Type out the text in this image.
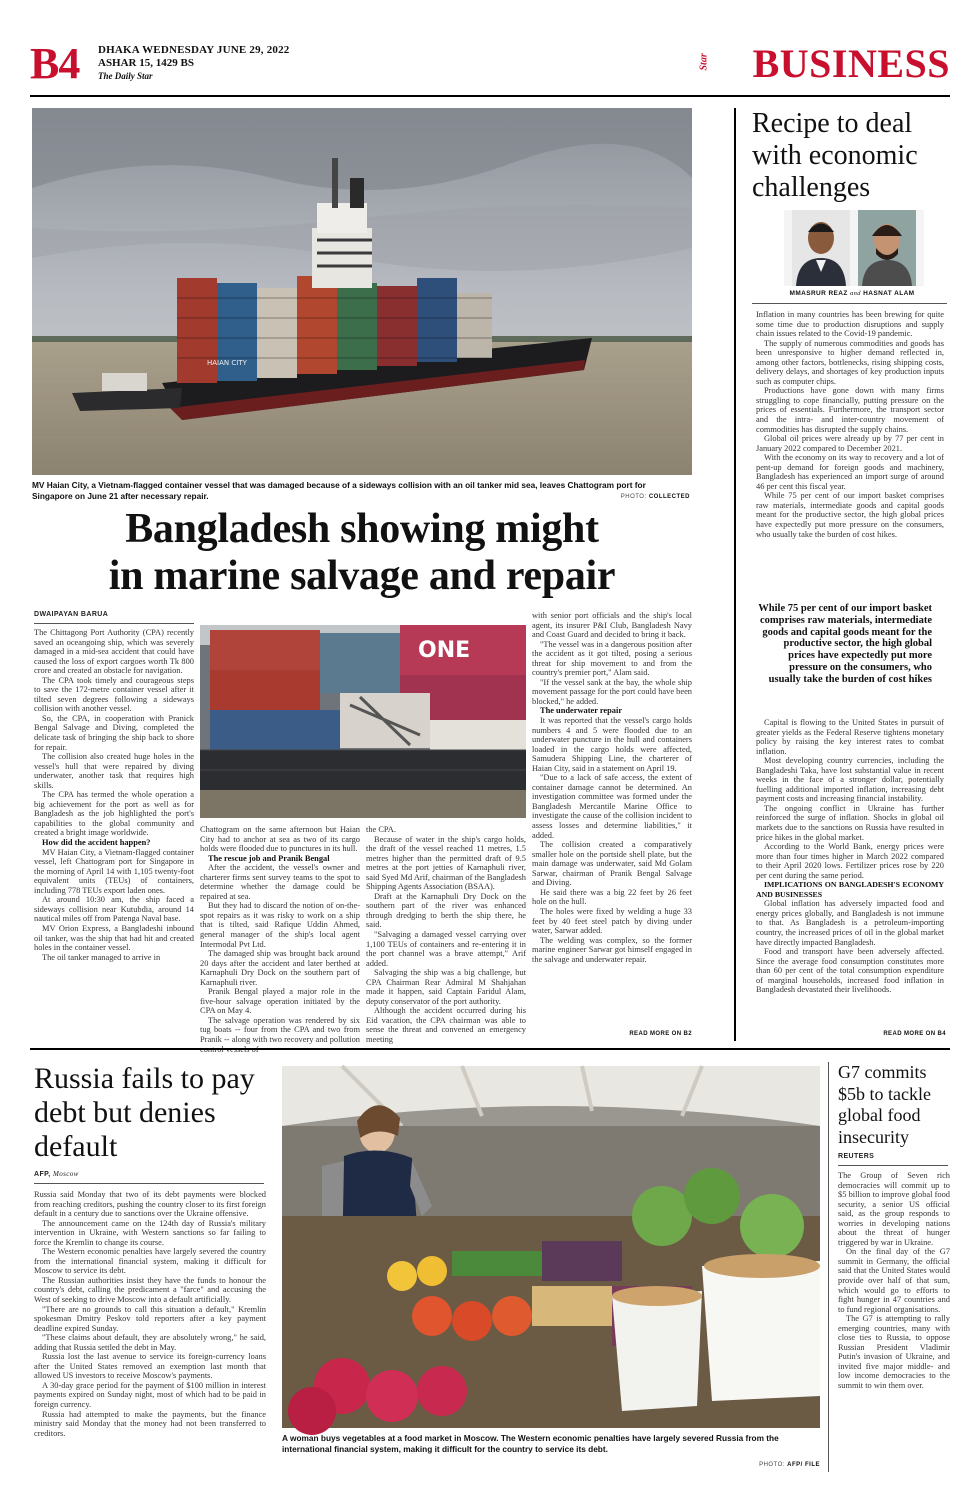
B4 DHAKA WEDNESDAY JUNE 29, 2022
ASHAR 15, 1429 BS
The Daily Star
Star BUSINESS
HAIAN CITY
MV Haian City, a Vietnam-flagged container vessel that was damaged because of a sideways collision with an oil tanker mid sea, leaves Chattogram port for Singapore on June 21 after necessary repair.	PHOTO: COLLECTED
Bangladesh showing might
in marine salvage and repair
DWAIPAYAN BARUA

The Chittagong Port Authority (CPA) recently saved an oceangoing ship, which was severely damaged in a mid-sea accident that could have caused the loss of export cargoes worth Tk 800 crore and created an obstacle for navigation.

The CPA took timely and courageous steps to save the 172-metre container vessel after it tilted seven degrees following a sideways collision with another vessel.

So, the CPA, in cooperation with Pranick Bengal Salvage and Diving, completed the delicate task of bringing the ship back to shore for repair.

The collision also created huge holes in the vessel's hull that were repaired by diving underwater, another task that requires high skills.

The CPA has termed the whole operation a big achievement for the port as well as for Bangladesh as the job highlighted the port's capabilities to the global community and created a bright image worldwide.

How did the accident happen?

MV Haian City, a Vietnam-flagged container vessel, left Chattogram port for Singapore in the morning of April 14 with 1,105 twenty-foot equivalent units (TEUs) of containers, including 778 TEUs export laden ones.

At around 10:30 am, the ship faced a sideways collision near Kutubdia, around 14 nautical miles off from Patenga Naval base.

MV Orion Express, a Bangladeshi inbound oil tanker, was the ship that had hit and created holes in the container vessel.

The oil tanker managed to arrive in

ONE

Chattogram on the same afternoon but Haian City had to anchor at sea as two of its cargo holds were flooded due to punctures in its hull.

The rescue job and Pranik Bengal

After the accident, the vessel's owner and charterer firms sent survey teams to the spot to determine whether the damage could be repaired at sea.

But they had to discard the notion of on-the-spot repairs as it was risky to work on a ship that is tilted, said Rafique Uddin Ahmed, general manager of the ship's local agent Intermodal Pvt Ltd.

The damaged ship was brought back around 20 days after the accident and later berthed at Karnaphuli Dry Dock on the southern part of Karnaphuli river.

Pranik Bengal played a major role in the five-hour salvage operation initiated by the CPA on May 4.

The salvage operation was rendered by six tug boats -- four from the CPA and two from Pranik -- along with two recovery and pollution

the CPA.

Because of water in the ship's cargo holds, the draft of the vessel reached 11 metres, 1.5 metres higher than the permitted draft of 9.5 metres at the port jetties of Karnaphuli river, said Syed Md Arif, chairman of the Bangladesh Shipping Agents Association (BSAA).

Draft at the Karnaphuli Dry Dock on the southern part of the river was enhanced through dredging to berth the ship there, he said.

"Salvaging a damaged vessel carrying over 1,100 TEUs of containers and re-entering it in the port channel was a brave attempt," Arif added.

Salvaging the ship was a big challenge, but CPA Chairman Rear Admiral M Shahjahan made it happen, said Captain Faridul Alam, deputy conservator of the port authority.

Although the accident occurred during his Eid vacation, the CPA chairman was able to sense the threat and convened an emergency meeting

with senior port officials and the ship's local agent, its insurer P&I Club, Bangladesh Navy and Coast Guard and decided to bring it back.

"The vessel was in a dangerous position after the accident as it got tilted, posing a serious threat for ship movement to and from the country's premier port," Alam said.

"If the vessel sank at the bay, the whole ship movement passage for the port could have been blocked," he added.

The underwater repair

It was reported that the vessel's cargo holds numbers 4 and 5 were flooded due to an underwater puncture in the hull and containers loaded in the cargo holds were affected, Samudera Shipping Line, the charterer of Haian City, said in a statement on April 19.

"Due to a lack of safe access, the extent of container damage cannot be determined. An investigation committee was formed under the Bangladesh Mercantile Marine Office to investigate the cause of the collision incident to assess losses and determine liabilities," it added.

The collision created a comparatively smaller hole on the portside shell plate, but the main damage was underwater, said Md Golam Sarwar, chairman of Pranik Bengal Salvage and Diving.

He said there was a big 22 feet by 26 feet hole on the hull.

The holes were fixed by welding a huge 33 feet by 40 feet steel patch by diving under water, Sarwar added.

The welding was complex, so the former marine engineer Sarwar got himself engaged in the salvage and underwater repair.

READ MORE ON B2
Recipe to deal with economic challenges
MMASRUR REAZ and HASNAT ALAM

Inflation in many countries has been brewing for quite some time due to production disruptions and supply chain issues related to the Covid-19 pandemic.

The supply of numerous commodities and goods has been unresponsive to higher demand reflected in, among other factors, bottlenecks, rising shipping costs, delivery delays, and shortages of key production inputs such as computer chips.

Productions have gone down with many firms struggling to cope financially, putting pressure on the prices of essentials. Furthermore, the transport sector and the intra- and inter-country movement of commodities has disrupted the supply chains.

Global oil prices were already up by 77 per cent in January 2022 compared to December 2021.

With the economy on its way to recovery and a lot of pent-up demand for foreign goods and machinery, Bangladesh has experienced an import surge of around 46 per cent this fiscal year.

While 75 per cent of our import basket comprises raw materials, intermediate goods and capital goods meant for the productive sector, the high global prices have expectedly put more pressure on the consumers, who usually take the burden of cost hikes.

While 75 per cent of our import basket comprises raw materials, intermediate goods and capital goods meant for the productive sector, the high global prices have expectedly put more pressure on the consumers, who usually take the burden of cost hikes

Capital is flowing to the United States in pursuit of greater yields as the Federal Reserve tightens monetary policy by raising the key interest rates to combat inflation.

Most developing country currencies, including the Bangladeshi Taka, have lost substantial value in recent weeks in the face of a stronger dollar, potentially fuelling additional imported inflation, increasing debt payment costs and increasing financial instability.

The ongoing conflict in Ukraine has further reinforced the surge of inflation. Shocks in global oil markets due to the sanctions on Russia have resulted in price hikes in the global market.

According to the World Bank, energy prices were more than four times higher in March 2022 compared to their April 2020 lows. Fertilizer prices rose by 220 per cent during the same period.

IMPLICATIONS ON BANGLADESH'S ECONOMY AND BUSINESSES

Global inflation has adversely impacted food and energy prices globally, and Bangladesh is not immune to that. As Bangladesh is a petroleum-importing country, the increased prices of oil in the global market have directly impacted Bangladesh.

Food and transport have been adversely affected. Since the average food consumption constitutes more than 60 per cent of the total consumption expenditure of marginal households, increased food inflation in Bangladesh devastated their livelihoods.

READ MORE ON B4
Russia fails to pay debt but denies default
AFP, Moscow

Russia said Monday that two of its debt payments were blocked from reaching creditors, pushing the country closer to its first foreign default in a century due to sanctions over the Ukraine offensive.

The announcement came on the 124th day of Russia's military intervention in Ukraine, with Western sanctions so far failing to force the Kremlin to change its course.

The Western economic penalties have largely severed the country from the international financial system, making it difficult for Moscow to service its debt.

The Russian authorities insist they have the funds to honour the country's debt, calling the predicament a "farce" and accusing the West of seeking to drive Moscow into a default artificially.

"There are no grounds to call this situation a default," Kremlin spokesman Dmitry Peskov told reporters after a key payment deadline expired Sunday.

"These claims about default, they are absolutely wrong," he said, adding that Russia settled the debt in May.

Russia lost the last avenue to service its foreign-currency loans after the United States removed an exemption last month that allowed US investors to receive Moscow's payments.

A 30-day grace period for the payment of $100 million in interest payments expired on Sunday night, most of which had to be paid in foreign currency.

Russia had attempted to make the payments, but the finance ministry said Monday that the money had not been transferred to creditors.	A woman buys vegetables at a food market in Moscow. The Western economic penalties have largely severed Russia from the international financial system, making it difficult for the country to service its debt.
PHOTO: AFP/ FILE
G7 commits $5b to tackle global food insecurity
REUTERS

The Group of Seven rich democracies will commit up to $5 billion to improve global food security, a senior US official said, as the group responds to worries in developing nations about the threat of hunger triggered by war in Ukraine.

On the final day of the G7 summit in Germany, the official said that the United States would provide over half of that sum, which would go to efforts to fight hunger in 47 countries and to fund regional organisations.

The G7 is attempting to rally emerging countries, many with close ties to Russia, to oppose Russian President Vladimir Putin's invasion of Ukraine, and invited five major middle- and low income democracies to the summit to win them over.
